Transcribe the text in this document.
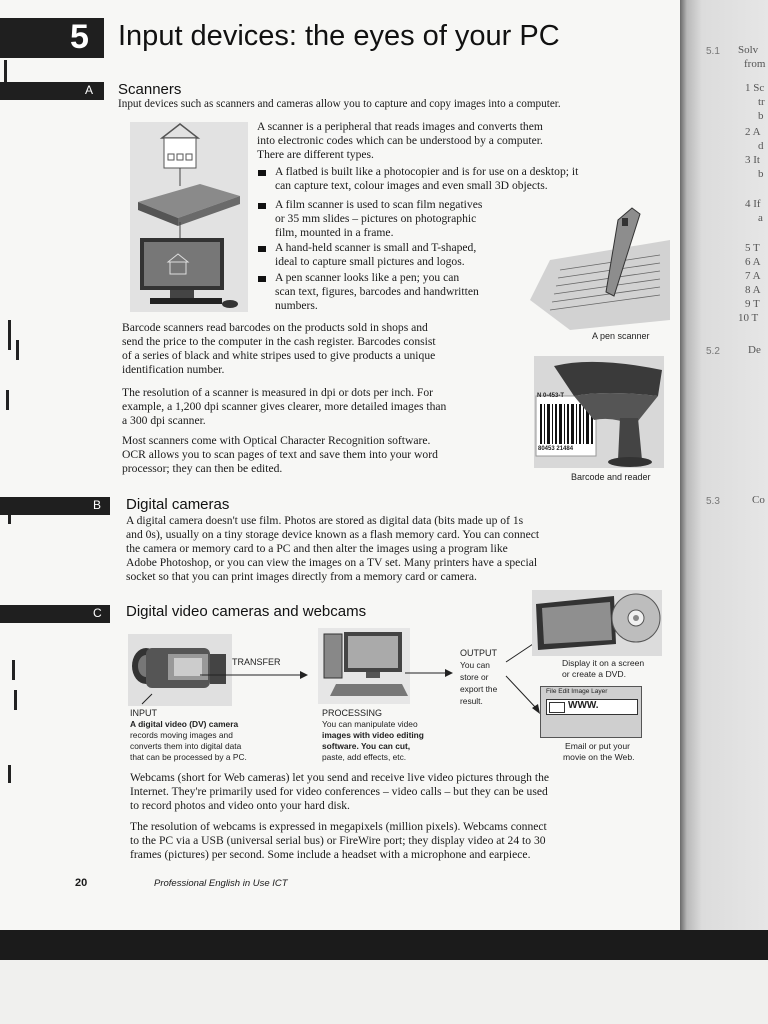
5.1 Solv
from
1 Sc
tr
b
2 A
d
3 It
b
4 If
a
5 T
6 A
7 A
8 A
9 T
10 T
5.2	De
5.3	Co
5 Input devices: the eyes of your PC
A Scanners
Input devices such as scanners and cameras allow you to capture and copy images into a computer.
A scanner is a peripheral that reads images and converts them
into electronic codes which can be understood by a computer.
There are different types.
A flatbed is built like a photocopier and is for use on a desktop; it
can capture text, colour images and even small 3D objects.
A film scanner is used to scan film negatives
or 35 mm slides – pictures on photographic
film, mounted in a frame.
A hand-held scanner is small and T-shaped,
ideal to capture small pictures and logos.
A pen scanner looks like a pen; you can
scan text, figures, barcodes and handwritten
numbers.
A pen scanner
Barcode scanners read barcodes on the products sold in shops and
send the price to the computer in the cash register. Barcodes consist
of a series of black and white stripes used to give products a unique
identification number.
The resolution of a scanner is measured in dpi or dots per inch. For
example, a 1,200 dpi scanner gives clearer, more detailed images than
a 300 dpi scanner.
Most scanners come with Optical Character Recognition software.
OCR allows you to scan pages of text and save them into your word
processor; they can then be edited.
N 0-453-T
80453 21484
Barcode and reader
B Digital cameras
A digital camera doesn't use film. Photos are stored as digital data (bits made up of 1s
and 0s), usually on a tiny storage device known as a flash memory card. You can connect
the camera or memory card to a PC and then alter the images using a program like
Adobe Photoshop, or you can view the images on a TV set. Many printers have a special
socket so that you can print images directly from a memory card or camera.
C Digital video cameras and webcams
TRANSFER
INPUT
A digital video (DV) camera
records moving images and
converts them into digital data
that can be processed by a PC.
PROCESSING
You can manipulate video
images with video editing
software. You can cut,
paste, add effects, etc.
OUTPUT
You can
store or
export the
result.
Display it on a screen
or create a DVD.
File Edit Image Layer
WWW.
Email or put your
movie on the Web.
Webcams (short for Web cameras) let you send and receive live video pictures through the
Internet. They're primarily used for video conferences – video calls – but they can be used
to record photos and video onto your hard disk.
The resolution of webcams is expressed in megapixels (million pixels). Webcams connect
to the PC via a USB (universal serial bus) or FireWire port; they display video at 24 to 30
frames (pictures) per second. Some include a headset with a microphone and earpiece.
20	Professional English in Use ICT
